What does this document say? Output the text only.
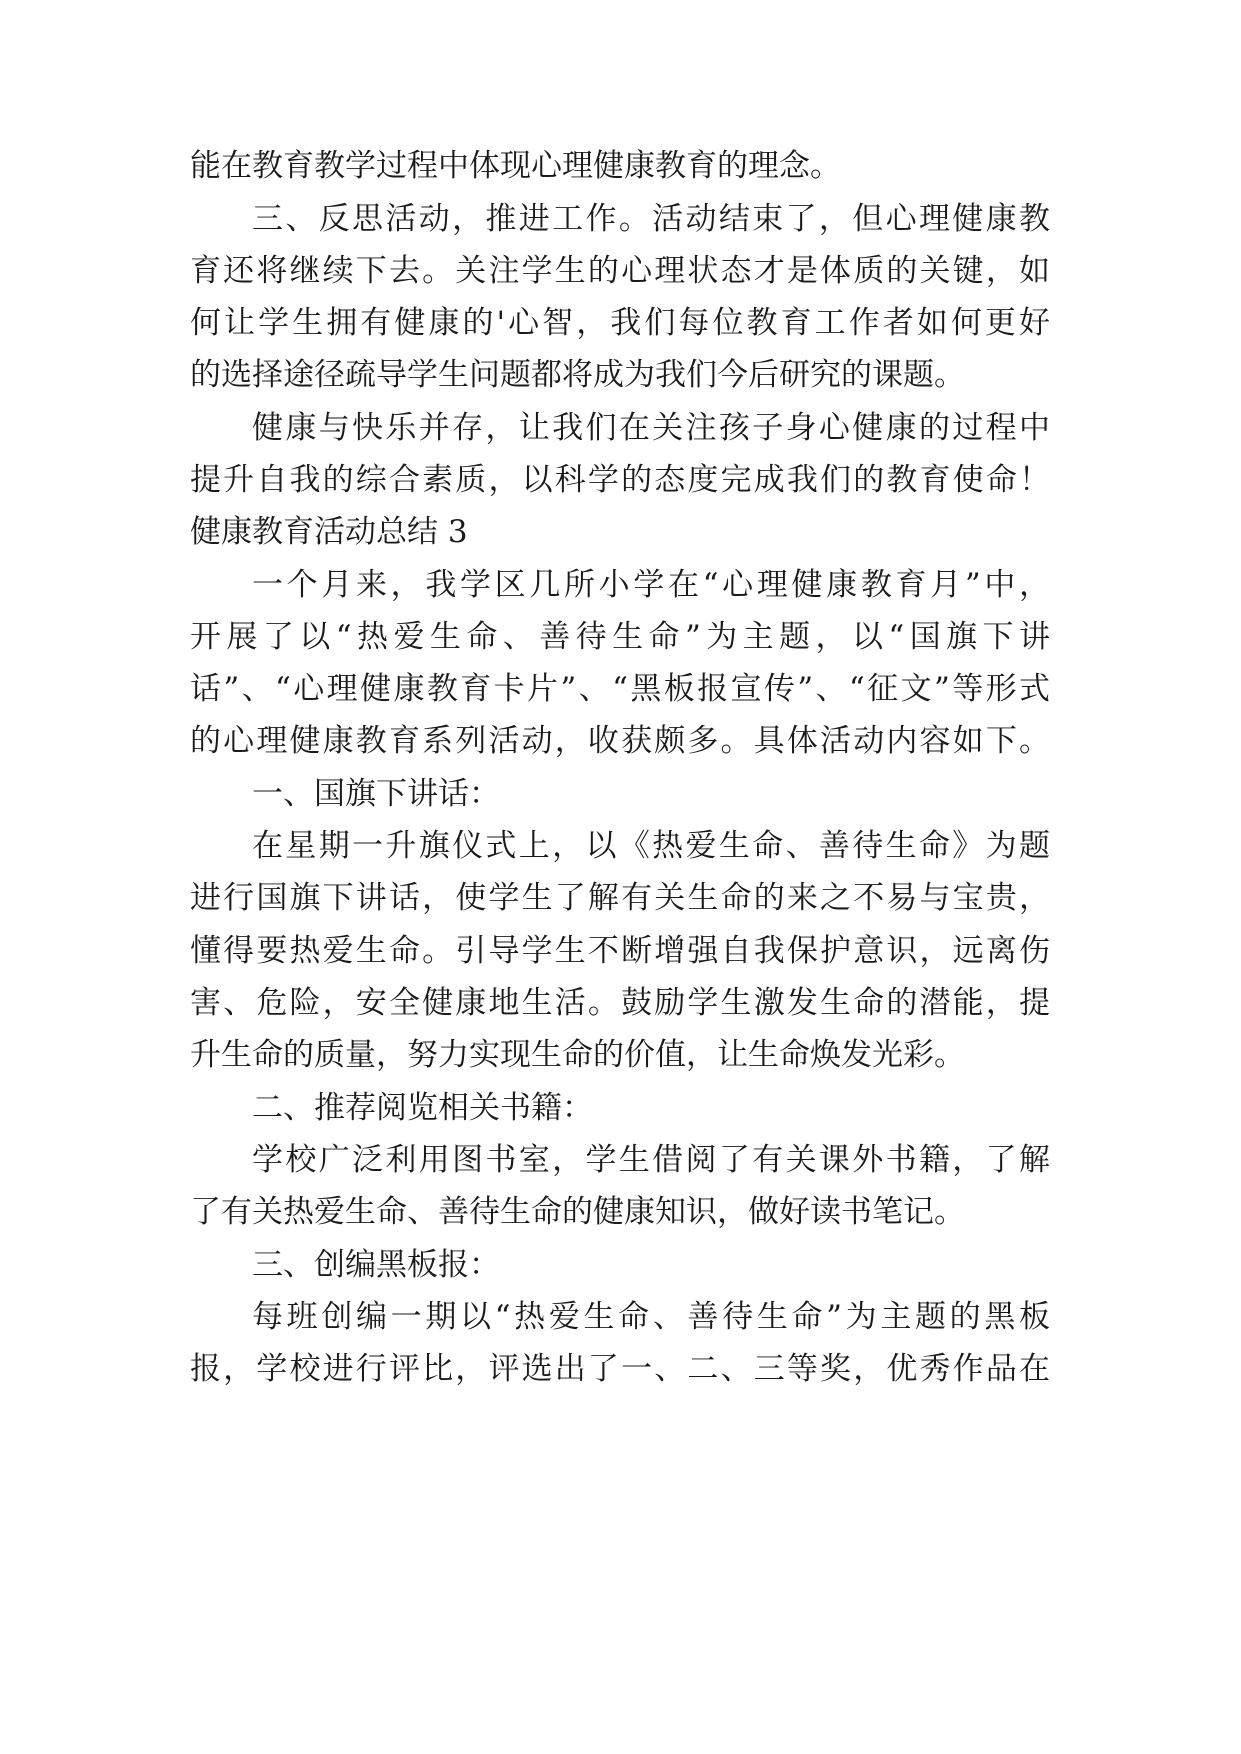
能在教育教学过程中体现心理健康教育的理念。
三、反思活动，推进工作。活动结束了，但心理健康教
育还将继续下去。关注学生的心理状态才是体质的关键，如
何让学生拥有健康的'心智，我们每位教育工作者如何更好
的选择途径疏导学生问题都将成为我们今后研究的课题。
健康与快乐并存，让我们在关注孩子身心健康的过程中
提升自我的综合素质，以科学的态度完成我们的教育使命！
健康教育活动总结 3
一个月来，我学区几所小学在“心理健康教育月”中，
开展了以“热爱生命、善待生命”为主题，以“国旗下讲
话”、“心理健康教育卡片”、“黑板报宣传”、“征文”等形式
的心理健康教育系列活动，收获颇多。具体活动内容如下。
一、国旗下讲话：
在星期一升旗仪式上，以《热爱生命、善待生命》为题
进行国旗下讲话，使学生了解有关生命的来之不易与宝贵，
懂得要热爱生命。引导学生不断增强自我保护意识，远离伤
害、危险，安全健康地生活。鼓励学生激发生命的潜能，提
升生命的质量，努力实现生命的价值，让生命焕发光彩。
二、推荐阅览相关书籍：
学校广泛利用图书室，学生借阅了有关课外书籍，了解
了有关热爱生命、善待生命的健康知识，做好读书笔记。
三、创编黑板报：
每班创编一期以“热爱生命、善待生命”为主题的黑板
报，学校进行评比，评选出了一、二、三等奖，优秀作品在
